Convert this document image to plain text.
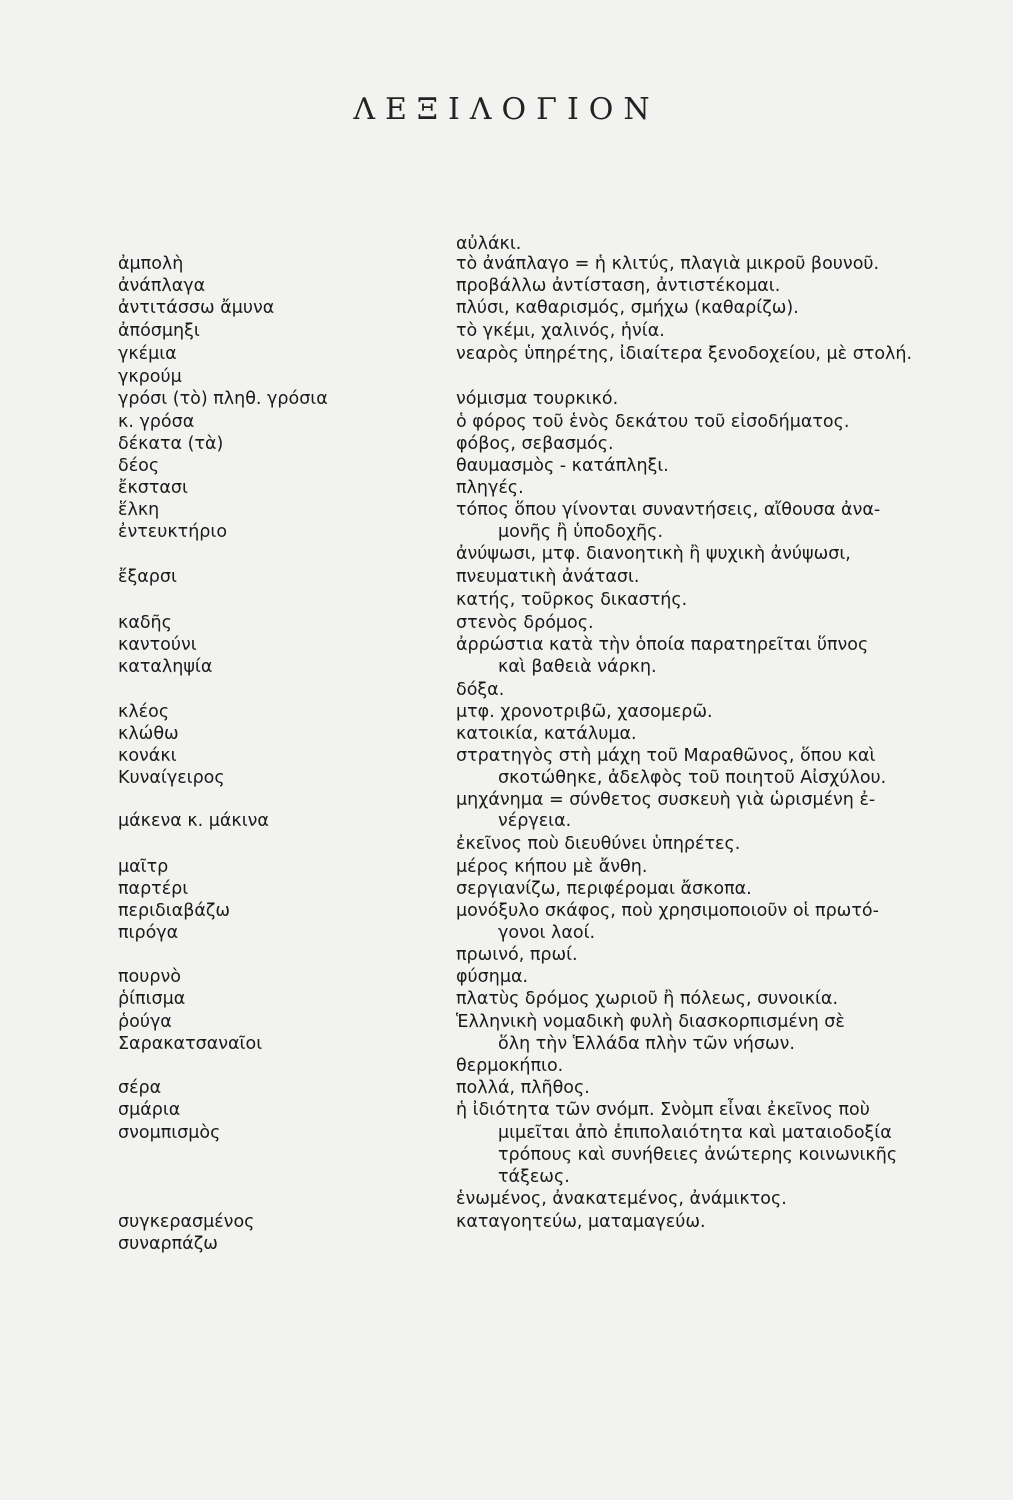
ΛΕΞΙΛΟΓΙΟΝ
αὐλάκι.
ἀμπολὴ	τὸ ἀνάπλαγο = ἡ κλιτύς, πλαγιὰ μικροῦ βουνοῦ.
ἀνάπλαγα	προβάλλω ἀντίσταση, ἀντιστέκομαι.
ἀντιτάσσω ἄμυνα	πλύσι, καθαρισμός, σμήχω (καθαρίζω).
ἀπόσμηξι	τὸ γκέμι, χαλινός, ἡνία.
γκέμια	νεαρὸς ὑπηρέτης, ἰδιαίτερα ξενοδοχείου, μὲ στολή.
γκρούμ
γρόσι (τὸ) πληθ. γρόσια	νόμισμα τουρκικό.
κ. γρόσα	ὁ φόρος τοῦ ἑνὸς δεκάτου τοῦ εἰσοδήματος.
δέκατα (τὰ)	φόβος, σεβασμός.
δέος	θαυμασμὸς - κατάπληξι.
ἔκστασι	πληγές.
ἕλκη	τόπος ὅπου γίνονται συναντήσεις, αἴθουσα ἀνα-
ἐντευκτήριο	μονῆς ἢ ὑποδοχῆς.
ἀνύψωσι, μτφ. διανοητικὴ ἢ ψυχικὴ ἀνύψωσι,
ἔξαρσι	πνευματικὴ ἀνάτασι.
κατής, τοῦρκος δικαστής.
καδῆς	στενὸς δρόμος.
καντούνι	ἀρρώστια κατὰ τὴν ὁποία παρατηρεῖται ὕπνος
καταληψία	καὶ βαθειὰ νάρκη.
δόξα.
κλέος	μτφ. χρονοτριβῶ, χασομερῶ.
κλώθω	κατοικία, κατάλυμα.
κονάκι	στρατηγὸς στὴ μάχη τοῦ Μαραθῶνος, ὅπου καὶ
Κυναίγειρος	σκοτώθηκε, ἀδελφὸς τοῦ ποιητοῦ Αἰσχύλου.
μηχάνημα = σύνθετος συσκευὴ γιὰ ὡρισμένη ἐ-
μάκενα κ. μάκινα	νέργεια.
ἐκεῖνος ποὺ διευθύνει ὑπηρέτες.
μαῖτρ	μέρος κήπου μὲ ἄνθη.
παρτέρι	σεργιανίζω, περιφέρομαι ἄσκοπα.
περιδιαβάζω	μονόξυλο σκάφος, ποὺ χρησιμοποιοῦν οἱ πρωτό-
πιρόγα	γονοι λαοί.
πρωινό, πρωί.
πουρνὸ	φύσημα.
ῥίπισμα	πλατὺς δρόμος χωριοῦ ἢ πόλεως, συνοικία.
ῥούγα	Ἑλληνικὴ νομαδικὴ φυλὴ διασκορπισμένη σὲ
Σαρακατσαναῖοι	ὅλη τὴν Ἑλλάδα πλὴν τῶν νήσων.
θερμοκήπιο.
σέρα	πολλά, πλῆθος.
σμάρια	ἡ ἰδιότητα τῶν σνόμπ. Σνὸμπ εἶναι ἐκεῖνος ποὺ
σνομπισμὸς	μιμεῖται ἀπὸ ἐπιπολαιότητα καὶ ματαιοδοξία
τρόπους καὶ συνήθειες ἀνώτερης κοινωνικῆς
τάξεως.
ἑνωμένος, ἀνακατεμένος, ἀνάμικτος.
συγκερασμένος	καταγοητεύω, ματαμαγεύω.
συναρπάζω
